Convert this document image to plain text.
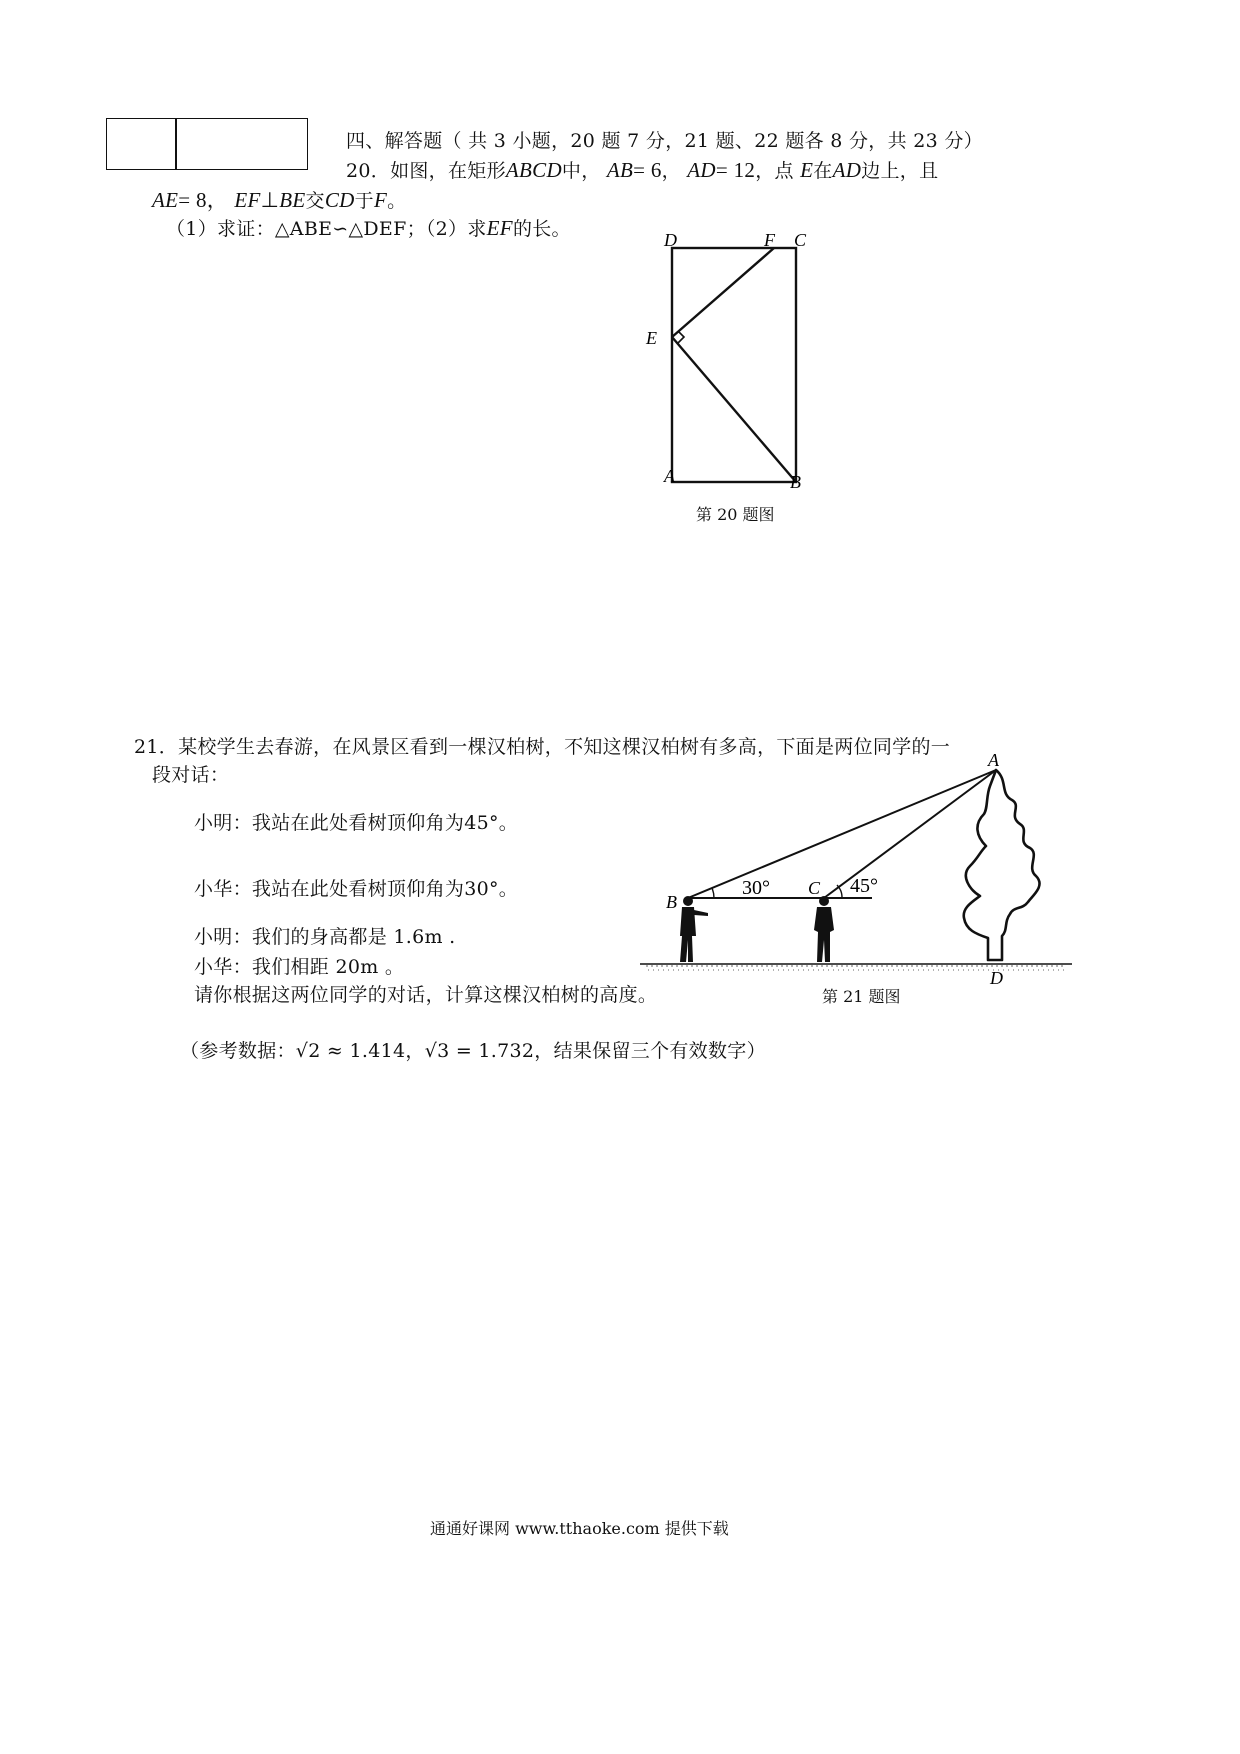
四、解答题（ 共 3 小题，20 题 7 分，21 题、22 题各 8 分，共 23 分）
20．如图，在矩形ABCD中， AB= 6， AD= 12，点 E在AD边上，且
AE= 8， EF⊥BE交CD于F。
（1）求证：△ABE∽△DEF；（2）求EF的长。	D	F C
E
A	B
第 20 题图
21．某校学生去春游，在风景区看到一棵汉柏树，不知这棵汉柏树有多高，下面是两位同学的一
段对话：
小明：我站在此处看树顶仰角为45°。
小华：我站在此处看树顶仰角为30°。
小明：我们的身高都是 1.6m .
小华：我们相距 20m 。
请你根据这两位同学的对话，计算这棵汉柏树的高度。
（参考数据：√2 ≈ 1.414，√3 = 1.732，结果保留三个有效数字）
30°	45°
A
B
C
D
第 21 题图
通通好课网 www.tthaoke.com 提供下载
